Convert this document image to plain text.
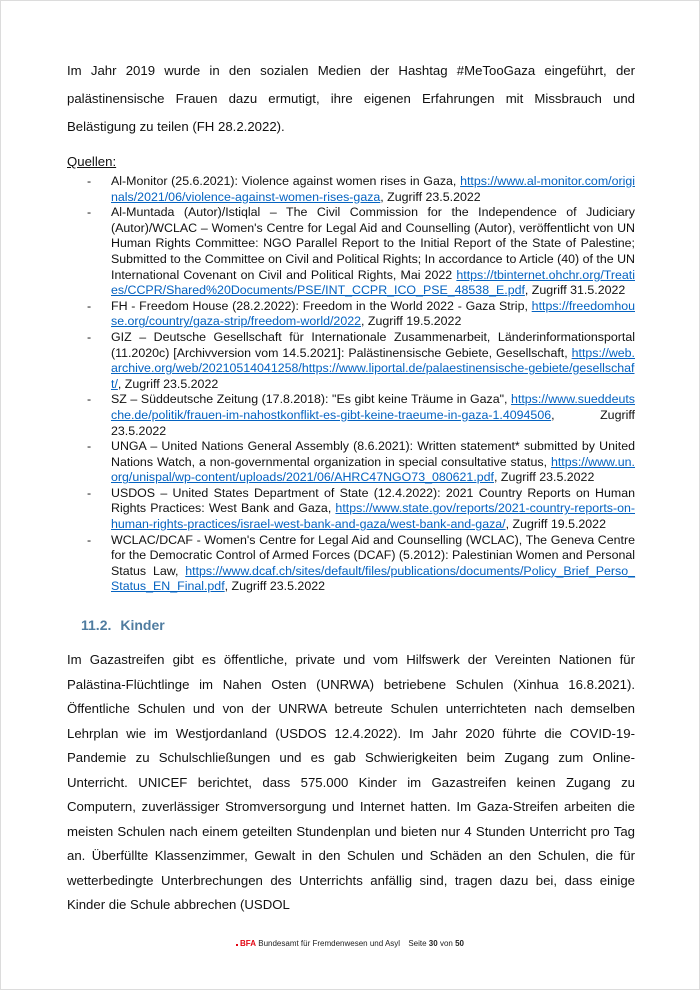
Im Jahr 2019 wurde in den sozialen Medien der Hashtag #MeTooGaza eingeführt, der palästinensische Frauen dazu ermutigt, ihre eigenen Erfahrungen mit Missbrauch und Belästigung zu teilen (FH 28.2.2022).

Quellen:

- Al-Monitor (25.6.2021): Violence against women rises in Gaza, https://www.al-monitor.com/originals/2021/06/violence-against-women-rises-gaza, Zugriff 23.5.2022
- Al-Muntada (Autor)/Istiqlal – The Civil Commission for the Independence of Judiciary (Autor)/WCLAC – Women's Centre for Legal Aid and Counselling (Autor), veröffentlicht von UN Human Rights Committee: NGO Parallel Report to the Initial Report of the State of Palestine; Submitted to the Committee on Civil and Political Rights; In accordance to Article (40) of the UN International Covenant on Civil and Political Rights, Mai 2022 https://tbinternet.ohchr.org/Treaties/CCPR/Shared%20Documents/PSE/INT_CCPR_ICO_PSE_48538_E.pdf, Zugriff 31.5.2022
- FH - Freedom House (28.2.2022): Freedom in the World 2022 - Gaza Strip, https://freedomhouse.org/country/gaza-strip/freedom-world/2022, Zugriff 19.5.2022
- GIZ – Deutsche Gesellschaft für Internationale Zusammenarbeit, Länderinformationsportal (11.2020c) [Archivversion vom 14.5.2021]: Palästinensische Gebiete, Gesellschaft, https://web.archive.org/web/20210514041258/https://www.liportal.de/palaestinensische-gebiete/gesellschaft/, Zugriff 23.5.2022
- SZ – Süddeutsche Zeitung (17.8.2018): "Es gibt keine Träume in Gaza", https://www.sueddeutsche.de/politik/frauen-im-nahostkonflikt-es-gibt-keine-traeume-in-gaza-1.4094506, Zugriff 23.5.2022
- UNGA – United Nations General Assembly (8.6.2021): Written statement* submitted by United Nations Watch, a non-governmental organization in special consultative status, https://www.un.org/unispal/wp-content/uploads/2021/06/AHRC47NGO73_080621.pdf, Zugriff 23.5.2022
- USDOS – United States Department of State (12.4.2022): 2021 Country Reports on Human Rights Practices: West Bank and Gaza, https://www.state.gov/reports/2021-country-reports-on-human-rights-practices/israel-west-bank-and-gaza/west-bank-and-gaza/, Zugriff 19.5.2022
- WCLAC/DCAF - Women's Centre for Legal Aid and Counselling (WCLAC), The Geneva Centre for the Democratic Control of Armed Forces (DCAF) (5.2012): Palestinian Women and Personal Status Law, https://www.dcaf.ch/sites/default/files/publications/documents/Policy_Brief_Perso_Status_EN_Final.pdf, Zugriff 23.5.2022
11.2. Kinder

Im Gazastreifen gibt es öffentliche, private und vom Hilfswerk der Vereinten Nationen für Palästina-Flüchtlinge im Nahen Osten (UNRWA) betriebene Schulen (Xinhua 16.8.2021). Öffentliche Schulen und von der UNRWA betreute Schulen unterrichteten nach demselben Lehrplan wie im Westjordanland (USDOS 12.4.2022). Im Jahr 2020 führte die COVID-19-Pandemie zu Schulschließungen und es gab Schwierigkeiten beim Zugang zum Online-Unterricht. UNICEF berichtet, dass 575.000 Kinder im Gazastreifen keinen Zugang zu Computern, zuverlässiger Stromversorgung und Internet hatten. Im Gaza-Streifen arbeiten die meisten Schulen nach einem geteilten Stundenplan und bieten nur 4 Stunden Unterricht pro Tag an. Überfüllte Klassenzimmer, Gewalt in den Schulen und Schäden an den Schulen, die für wetterbedingte Unterbrechungen des Unterrichts anfällig sind, tragen dazu bei, dass einige Kinder die Schule abbrechen (USDOL

BFA Bundesamt für Fremdenwesen und Asyl Seite 30 von 50
